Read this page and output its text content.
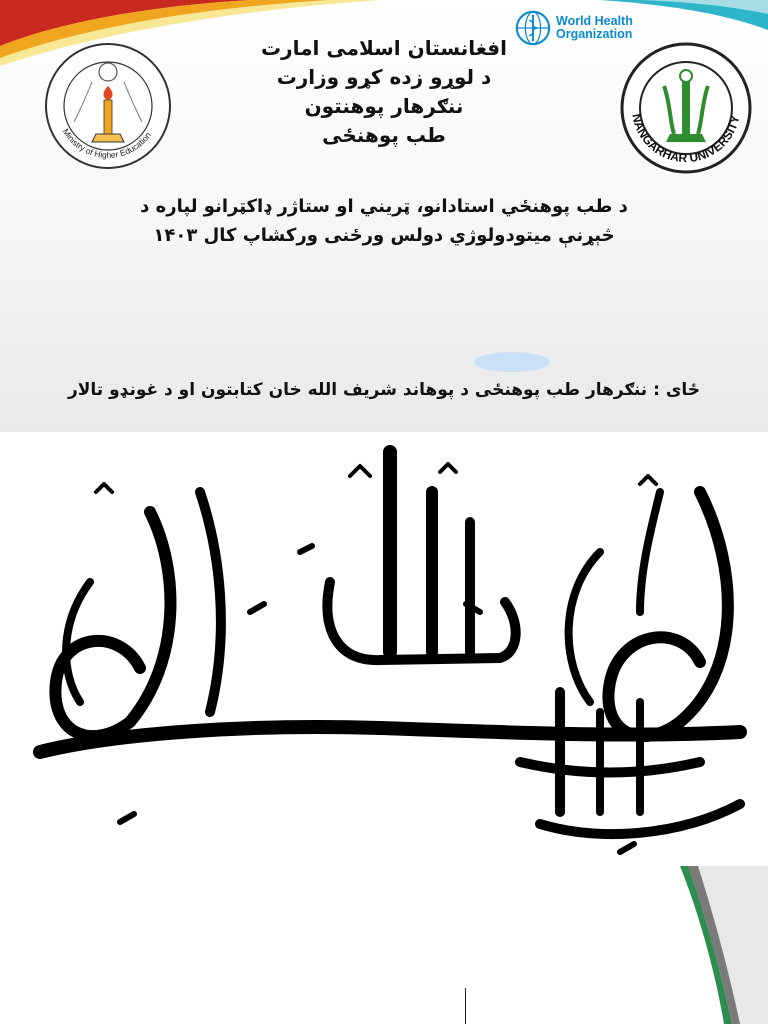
Ministry of Higher Education
World Health
Organization
NANGARHAR UNIVERSITY
افغانستان اسلامی امارت
د لوړو زده کړو وزارت
ننګرهار پوهنتون
طب پوهنځی
د طب پوهنځي استادانو، ټريني او ستاژر ډاکټرانو لپاره د
څېړنې ميتودولوژي دولس ورځنى ورکشاپ کال ۱۴۰۳
ځای : ننګرهار طب پوهنځی د پوهاند شريف الله خان کتابتون او د غونډو تالار
